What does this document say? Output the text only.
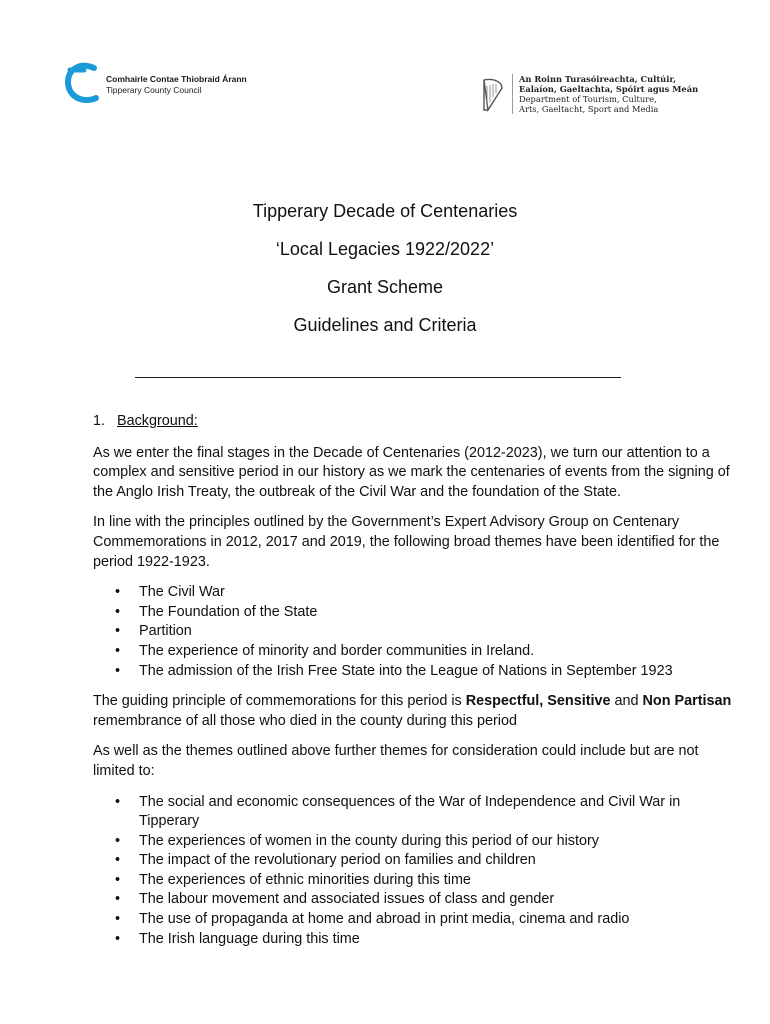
Comhairle Contae Thiobraid Árann
Tipperary County Council
An Roinn Turasóireachta, Cultúir,
Ealaíon, Gaeltachta, Spóirt agus Meán
Department of Tourism, Culture,
Arts, Gaeltacht, Sport and Media
Tipperary Decade of Centenaries
‘Local Legacies 1922/2022’
Grant Scheme
Guidelines and Criteria
1. Background:

As we enter the final stages in the Decade of Centenaries (2012-2023), we turn our attention to a complex and sensitive period in our history as we mark the centenaries of events from the signing of the Anglo Irish Treaty, the outbreak of the Civil War and the foundation of the State.

In line with the principles outlined by the Government’s Expert Advisory Group on Centenary Commemorations in 2012, 2017 and 2019, the following broad themes have been identified for the period 1922-1923.

• The Civil War
• The Foundation of the State
• Partition
• The experience of minority and border communities in Ireland.
• The admission of the Irish Free State into the League of Nations in September 1923

The guiding principle of commemorations for this period is Respectful, Sensitive and Non Partisan remembrance of all those who died in the county during this period

As well as the themes outlined above further themes for consideration could include but are not limited to:

• The social and economic consequences of the War of Independence and Civil War in Tipperary
• The experiences of women in the county during this period of our history
• The impact of the revolutionary period on families and children
• The experiences of ethnic minorities during this time
• The labour movement and associated issues of class and gender
• The use of propaganda at home and abroad in print media, cinema and radio
• The Irish language during this time
